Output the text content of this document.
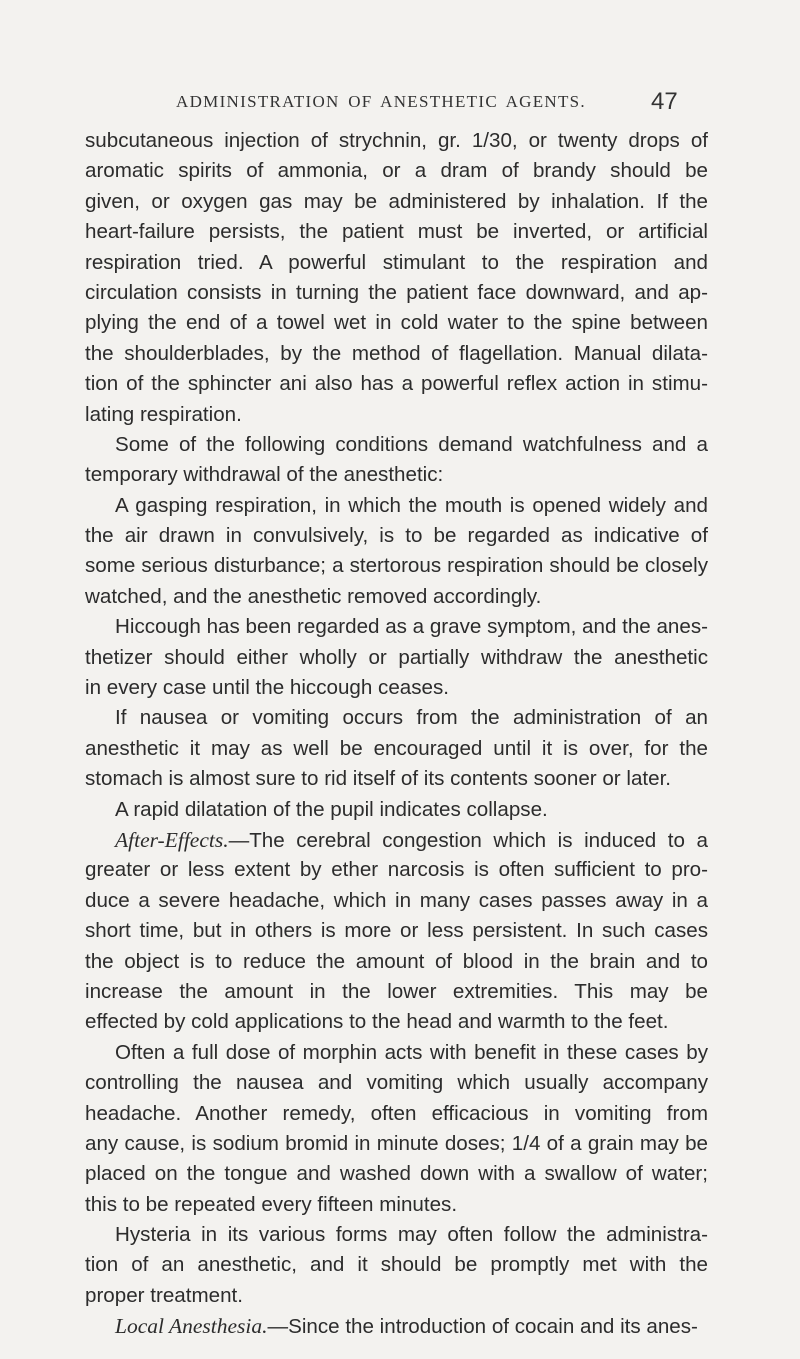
ADMINISTRATION OF ANESTHETIC AGENTS.	47
subcutaneous injection of strychnin, gr. 1/30, or twenty drops of
aromatic spirits of ammonia, or a dram of brandy should be
given, or oxygen gas may be administered by inhalation. If the
heart-failure persists, the patient must be inverted, or artificial
respiration tried. A powerful stimulant to the respiration and
circulation consists in turning the patient face downward, and ap-
plying the end of a towel wet in cold water to the spine between
the shoulderblades, by the method of flagellation. Manual dilata-
tion of the sphincter ani also has a powerful reflex action in stimu-
lating respiration.
Some of the following conditions demand watchfulness and a
temporary withdrawal of the anesthetic:
A gasping respiration, in which the mouth is opened widely and
the air drawn in convulsively, is to be regarded as indicative of
some serious disturbance; a stertorous respiration should be closely
watched, and the anesthetic removed accordingly.
Hiccough has been regarded as a grave symptom, and the anes-
thetizer should either wholly or partially withdraw the anesthetic
in every case until the hiccough ceases.
If nausea or vomiting occurs from the administration of an
anesthetic it may as well be encouraged until it is over, for the
stomach is almost sure to rid itself of its contents sooner or later.
A rapid dilatation of the pupil indicates collapse.
After-Effects.—The cerebral congestion which is induced to a
greater or less extent by ether narcosis is often sufficient to pro-
duce a severe headache, which in many cases passes away in a
short time, but in others is more or less persistent. In such cases
the object is to reduce the amount of blood in the brain and to
increase the amount in the lower extremities. This may be
effected by cold applications to the head and warmth to the feet.
Often a full dose of morphin acts with benefit in these cases by
controlling the nausea and vomiting which usually accompany
headache. Another remedy, often efficacious in vomiting from
any cause, is sodium bromid in minute doses; 1/4 of a grain may be
placed on the tongue and washed down with a swallow of water;
this to be repeated every fifteen minutes.
Hysteria in its various forms may often follow the administra-
tion of an anesthetic, and it should be promptly met with the
proper treatment.
Local Anesthesia.—Since the introduction of cocain and its anes-
